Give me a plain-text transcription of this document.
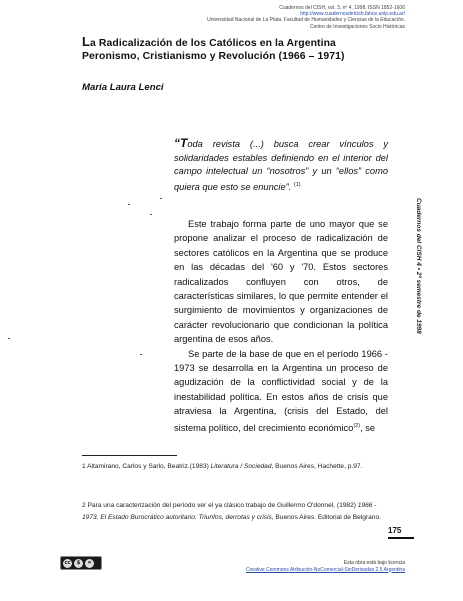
Cuadernos del CISH, vol. 3, nº 4, 1998. ISSN 1852-1606
http://www.cuadernosdelcish.fahce.unlp.edu.ar/
Universidad Nacional de La Plata. Facultad de Humanidades y Ciencias de la Educación.
Centro de Investigaciones Socio Históricas
La Radicalización de los Católicos en la Argentina
Peronismo, Cristianismo y Revolución (1966 – 1971)
María Laura Lenci
“Toda revista (...) busca crear vínculos y solidaridades estables definiendo en el interior del campo intelectual un “nosotros” y un “ellos” como quiera que esto se enuncie”. $^{(1)}$

Este trabajo forma parte de uno mayor que se propone analizar el proceso de radicalización de sectores católicos en la Argentina que se produce en las décadas del '60 y '70. Estos sectores radicalizados confluyen con otros, de características similares, lo que permite entender el surgimiento de movimientos y organizaciones de carácter revolucionario que condicionan la política argentina de esos años.

Se parte de la base de que en el período 1966 - 1973 se desarrolla en la Argentina un proceso de agudización de la conflictividad social y de la inestabilidad política. En estos años de crisis que atraviesa la Argentina, (crisis del Estado, del sistema político, del crecimiento económico$^{(2)}$, se

Cuadernos del CISH 4 • 2º semestre de 1998
1 Altamirano, Carlos y Sarlo, Beatriz.(1983) Literatura / Sociedad, Buenos Aires, Hachette, p.97.
2 Para una caracterización del período ver el ya clásico trabajo de Guillermo O'donnel, (1982) 1966 - 1973. El Estado Burocrático autoritario. Triunfos, derrotas y crisis, Buenos Aires. Editorial de Belgrano.
175
cc	$	=	Esta obra está bajo licencia
Creative Commons Atribución-NoComercial-SinDerivadas 2.5 Argentina
